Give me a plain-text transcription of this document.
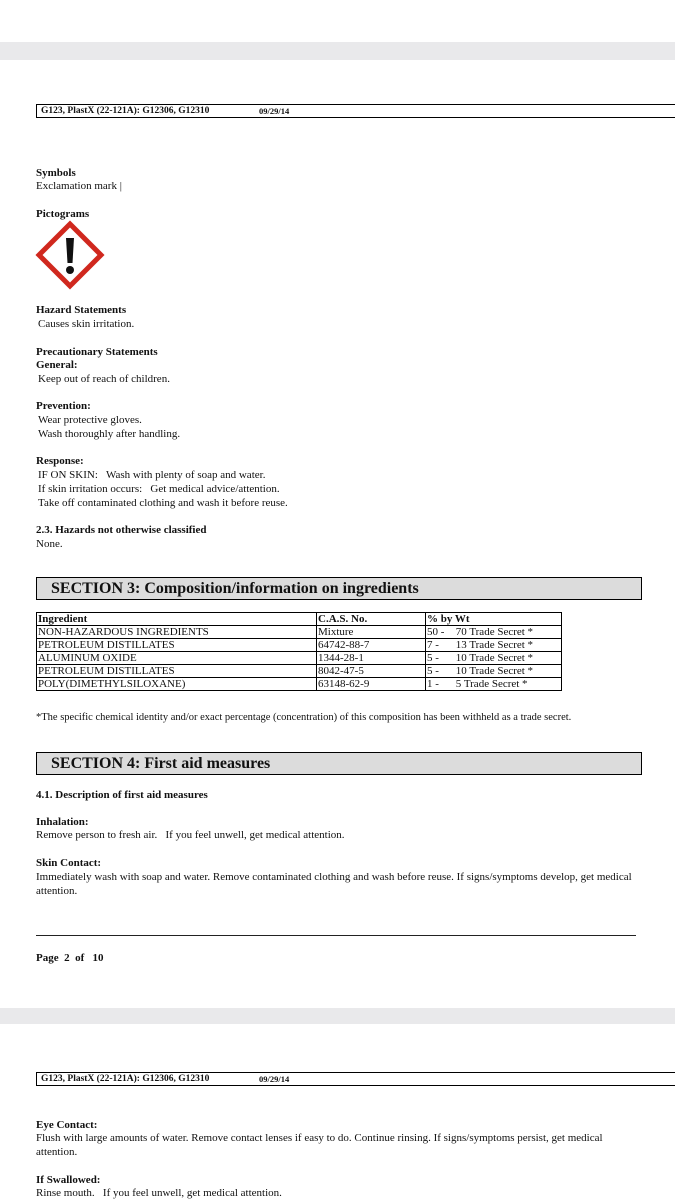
G123, PlastX (22-121A): G12306, G12310	09/29/14
Symbols
Exclamation mark |
Pictograms
Hazard Statements
Causes skin irritation.
Precautionary Statements
General:
Keep out of reach of children.
Prevention:
Wear protective gloves.
Wash thoroughly after handling.
Response:
IF ON SKIN:   Wash with plenty of soap and water.
If skin irritation occurs:   Get medical advice/attention.
Take off contaminated clothing and wash it before reuse.
2.3. Hazards not otherwise classified
None.
SECTION 3: Composition/information on ingredients
Ingredient	C.A.S. No.	% by Wt
NON-HAZARDOUS INGREDIENTS	Mixture	50 - 70 Trade Secret *
PETROLEUM DISTILLATES	64742-88-7	7 - 13 Trade Secret *
ALUMINUM OXIDE	1344-28-1	5 - 10 Trade Secret *
PETROLEUM DISTILLATES	8042-47-5	5 - 10 Trade Secret *
POLY(DIMETHYLSILOXANE)	63148-62-9	1 - 5 Trade Secret *
*The specific chemical identity and/or exact percentage (concentration) of this composition has been withheld as a trade secret.
SECTION 4: First aid measures
4.1. Description of first aid measures
Inhalation:
Remove person to fresh air.   If you feel unwell, get medical attention.
Skin Contact:
Immediately wash with soap and water. Remove contaminated clothing and wash before reuse. If signs/symptoms develop, get medical attention.
Page 2 of 10
G123, PlastX (22-121A): G12306, G12310	09/29/14
Eye Contact:
Flush with large amounts of water. Remove contact lenses if easy to do. Continue rinsing. If signs/symptoms persist, get medical attention.
If Swallowed:
Rinse mouth.   If you feel unwell, get medical attention.
